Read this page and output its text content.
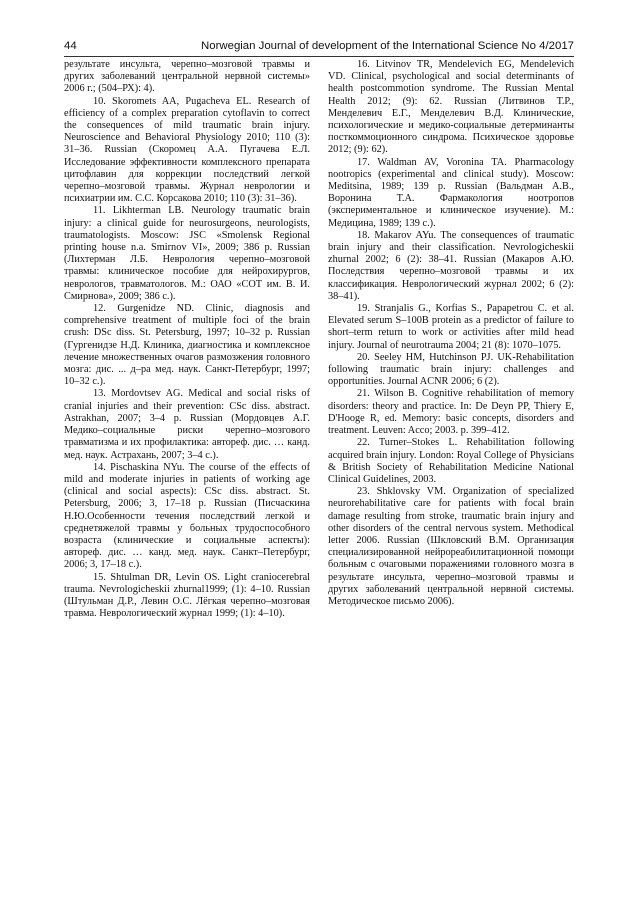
44	Norwegian Journal of development of the International Science No 4/2017

результате инсульта, черепно–мозговой травмы и других заболеваний центральной нервной системы» 2006 г.; (504–РХ): 4).

10. Skoromets AA, Pugacheva EL. Research of efficiency of a complex preparation cytoflavin to correct the consequences of mild traumatic brain injury. Neuroscience and Behavioral Physiology 2010; 110 (3): 31–36. Russian (Скоромец А.А. Пугачева Е.Л. Исследование эффективности комплексного препарата цитофлавин для коррекции последствий легкой черепно–мозговой травмы. Журнал неврологии и психиатрии им. С.С. Корсакова 2010; 110 (3): 31–36).

11. Likhterman LB. Neurology traumatic brain injury: a clinical guide for neurosurgeons, neurologists, traumatologists. Moscow: JSC «Smolensk Regional printing house n.a. Smirnov VI», 2009; 386 p. Russian (Лихтерман Л.Б. Неврология черепно–мозговой травмы: клиническое пособие для нейрохирургов, неврологов, травматологов. М.: ОАО «СОТ им. В. И. Смирнова», 2009; 386 с.).

12. Gurgenidze ND. Clinic, diagnosis and comprehensive treatment of multiple foci of the brain crush: DSc diss. St. Petersburg, 1997; 10–32 p. Russian (Гургенидзе Н.Д. Клиника, диагностика и комплексное лечение множественных очагов размозжения головного мозга: дис. ... д–ра мед. наук. Санкт-Петербург, 1997; 10–32 с.).

13. Mordovtsev AG. Medical and social risks of cranial injuries and their prevention: CSc diss. abstract. Astrakhan, 2007; 3–4 p. Russian (Мордовцев А.Г. Медико–социальные риски черепно–мозгового травматизма и их профилактика: автореф. дис. … канд. мед. наук. Астрахань, 2007; 3–4 с.).

14. Pischaskina NYu. The course of the effects of mild and moderate injuries in patients of working age (clinical and social aspects): CSc diss. abstract. St. Petersburg, 2006; 3, 17–18 p. Russian (Писчаскина Н.Ю.Особенности течения последствий легкой и среднетяжелой травмы у больных трудоспособного возраста (клинические и социальные аспекты): автореф. дис. … канд. мед. наук. Санкт–Петербург, 2006; 3, 17–18 с.).

15. Shtulman DR, Levin OS. Light craniocerebral trauma. Nevrologicheskii zhurnal1999; (1): 4–10. Russian (Штульман Д.Р., Левин О.С. Лёгкая черепно–мозговая травма. Неврологический журнал 1999; (1): 4–10).

16. Litvinov TR, Mendelevich EG, Mendelevich VD. Clinical, psychological and social determinants of health postcommotion syndrome. The Russian Mental Health 2012; (9): 62. Russian (Литвинов Т.Р., Менделевич Е.Г., Менделевич В.Д. Клинические, психологические и медико-социальные детерминанты посткоммоционного синдрома. Психическое здоровье 2012; (9): 62).

17. Waldman AV, Voronina TA. Pharmacology nootropics (experimental and clinical study). Moscow: Meditsina, 1989; 139 p. Russian (Вальдман А.В., Воронина Т.А. Фармакология ноотропов (экспериментальное и клиническое изучение). М.: Медицина, 1989; 139 с.).

18. Makarov AYu. The consequences of traumatic brain injury and their classification. Nevrologicheskii zhurnal 2002; 6 (2): 38–41. Russian (Макаров А.Ю. Последствия черепно–мозговой травмы и их классификация. Неврологический журнал 2002; 6 (2): 38–41).

19. Stranjalis G., Korfias S., Papapetrou C. et al. Elevated serum S–100B protein as a predictor of failure to short–term return to work or activities after mild head injury. Journal of neurotrauma 2004; 21 (8): 1070–1075.

20. Seeley HM, Hutchinson PJ. UK-Rehabilitation following traumatic brain injury: challenges and opportunities. Journal ACNR 2006; 6 (2).

21. Wilson B. Cognitive rehabilitation of memory disorders: theory and practice. In: De Deyn PP, Thiery E, D'Hooge R, ed. Memory: basic concepts, disorders and treatment. Leuven: Acco; 2003. p. 399–412.

22. Turner–Stokes L. Rehabilitation following acquired brain injury. London: Royal College of Physicians & British Society of Rehabilitation Medicine National Clinical Guidelines, 2003.

23. Shklovsky VM. Organization of specialized neurorehabilitative care for patients with focal brain damage resulting from stroke, traumatic brain injury and other disorders of the central nervous system. Methodical letter 2006. Russian (Шкловский В.М. Организация специализированной нейрореабилитационной помощи больным с очаговыми поражениями головного мозга в результате инсульта, черепно–мозговой травмы и других заболеваний центральной нервной системы. Методическое письмо 2006).
